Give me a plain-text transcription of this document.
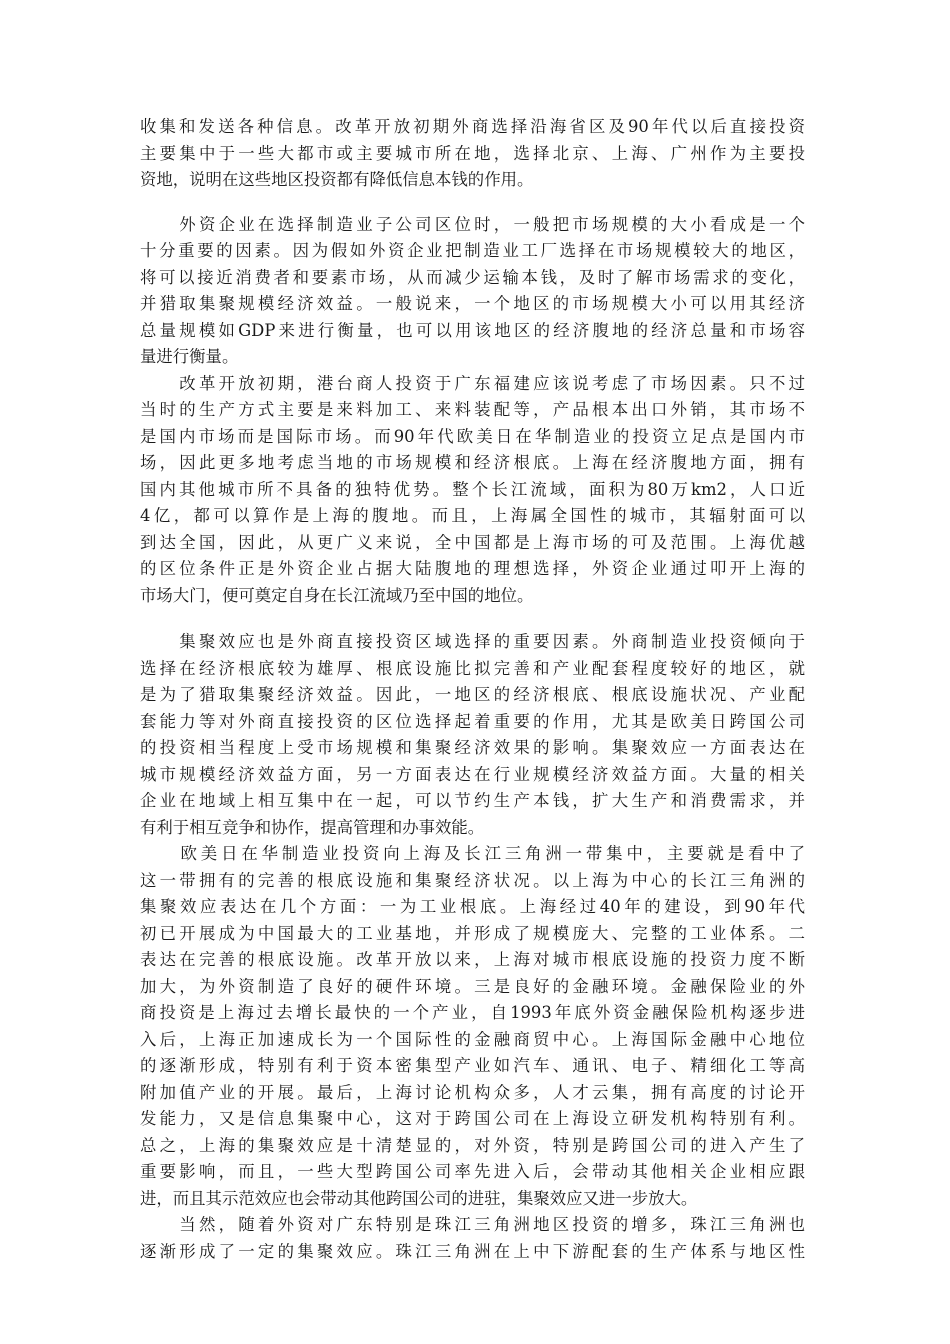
收集和发送各种信息。改革开放初期外商选择沿海省区及90年代以后直接投资
主要集中于一些大都市或主要城市所在地，选择北京、上海、广州作为主要投
资地，说明在这些地区投资都有降低信息本钱的作用。
　　外资企业在选择制造业子公司区位时，一般把市场规模的大小看成是一个
十分重要的因素。因为假如外资企业把制造业工厂选择在市场规模较大的地区，
将可以接近消费者和要素市场，从而减少运输本钱，及时了解市场需求的变化，
并猎取集聚规模经济效益。一般说来，一个地区的市场规模大小可以用其经济
总量规模如GDP来进行衡量，也可以用该地区的经济腹地的经济总量和市场容
量进行衡量。
　　改革开放初期，港台商人投资于广东福建应该说考虑了市场因素。只不过
当时的生产方式主要是来料加工、来料装配等，产品根本出口外销，其市场不
是国内市场而是国际市场。而90年代欧美日在华制造业的投资立足点是国内市
场，因此更多地考虑当地的市场规模和经济根底。上海在经济腹地方面，拥有
国内其他城市所不具备的独特优势。整个长江流域，面积为80万km2，人口近
4亿，都可以算作是上海的腹地。而且，上海属全国性的城市，其辐射面可以
到达全国，因此，从更广义来说，全中国都是上海市场的可及范围。上海优越
的区位条件正是外资企业占据大陆腹地的理想选择，外资企业通过叩开上海的
市场大门，便可奠定自身在长江流域乃至中国的地位。
　　集聚效应也是外商直接投资区域选择的重要因素。外商制造业投资倾向于
选择在经济根底较为雄厚、根底设施比拟完善和产业配套程度较好的地区，就
是为了猎取集聚经济效益。因此，一地区的经济根底、根底设施状况、产业配
套能力等对外商直接投资的区位选择起着重要的作用，尤其是欧美日跨国公司
的投资相当程度上受市场规模和集聚经济效果的影响。集聚效应一方面表达在
城市规模经济效益方面，另一方面表达在行业规模经济效益方面。大量的相关
企业在地域上相互集中在一起，可以节约生产本钱，扩大生产和消费需求，并
有利于相互竞争和协作，提高管理和办事效能。
　　欧美日在华制造业投资向上海及长江三角洲一带集中，主要就是看中了
这一带拥有的完善的根底设施和集聚经济状况。以上海为中心的长江三角洲的
集聚效应表达在几个方面：一为工业根底。上海经过40年的建设，到90年代
初已开展成为中国最大的工业基地，并形成了规模庞大、完整的工业体系。二
表达在完善的根底设施。改革开放以来，上海对城市根底设施的投资力度不断
加大，为外资制造了良好的硬件环境。三是良好的金融环境。金融保险业的外
商投资是上海过去增长最快的一个产业，自1993年底外资金融保险机构逐步进
入后，上海正加速成长为一个国际性的金融商贸中心。上海国际金融中心地位
的逐渐形成，特别有利于资本密集型产业如汽车、通讯、电子、精细化工等高
附加值产业的开展。最后，上海讨论机构众多，人才云集，拥有高度的讨论开
发能力，又是信息集聚中心，这对于跨国公司在上海设立研发机构特别有利。
总之，上海的集聚效应是十清楚显的，对外资，特别是跨国公司的进入产生了
重要影响，而且，一些大型跨国公司率先进入后，会带动其他相关企业相应跟
进，而且其示范效应也会带动其他跨国公司的进驻，集聚效应又进一步放大。
　　当然，随着外资对广东特别是珠江三角洲地区投资的增多，珠江三角洲也
逐渐形成了一定的集聚效应。珠江三角洲在上中下游配套的生产体系与地区性
